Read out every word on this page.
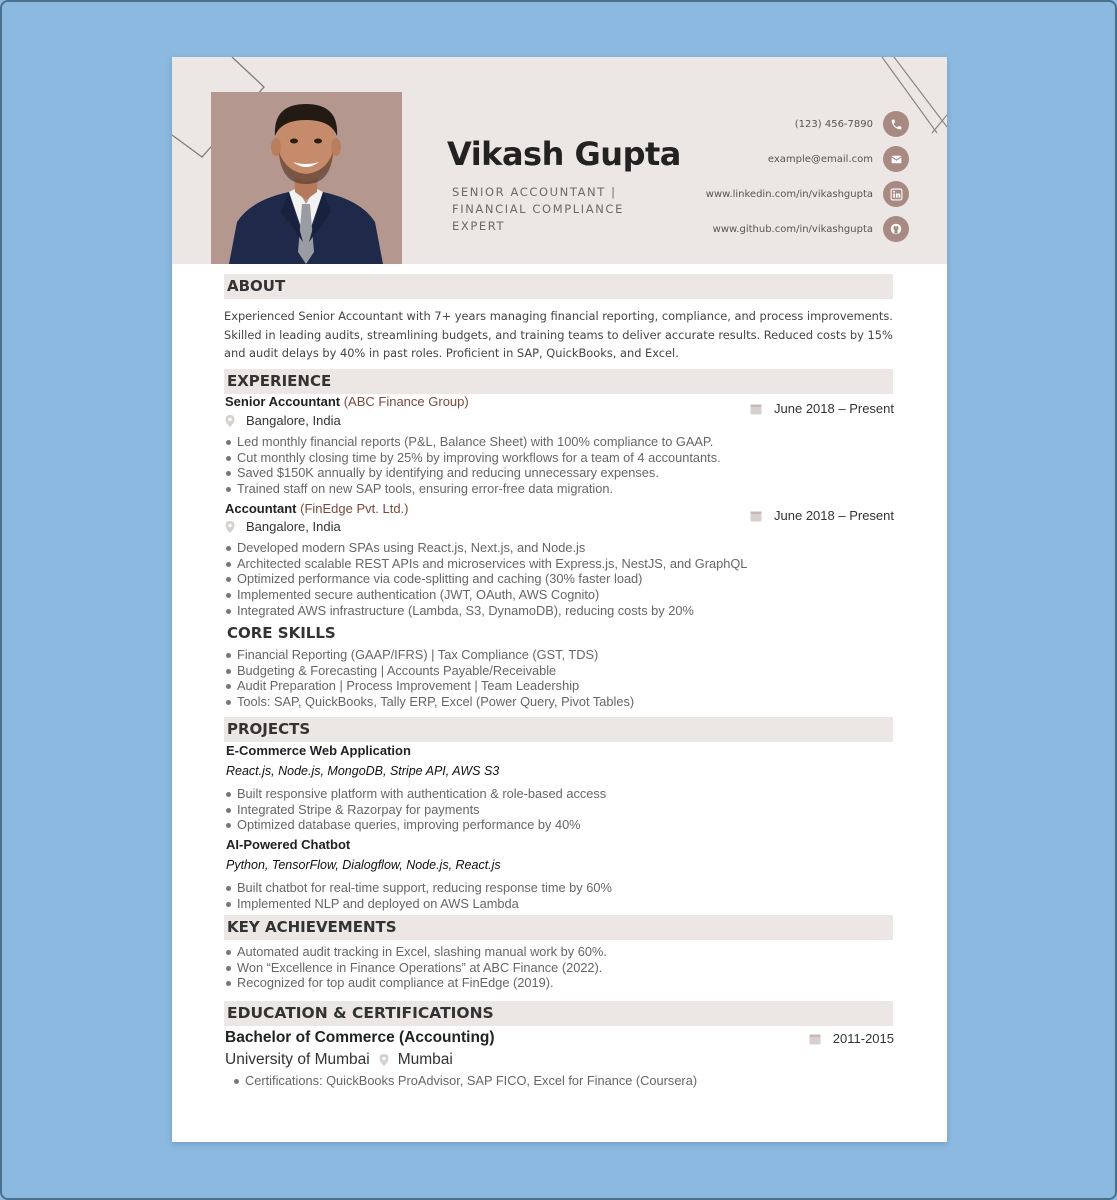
Vikash Gupta
SENIOR ACCOUNTANT |
FINANCIAL COMPLIANCE EXPERT
(123) 456-7890
example@email.com
www.linkedin.com/in/vikashgupta
www.github.com/in/vikashgupta
ABOUT
Experienced Senior Accountant with 7+ years managing financial reporting, compliance, and process improvements. Skilled in leading audits, streamlining budgets, and training teams to deliver accurate results. Reduced costs by 15% and audit delays by 40% in past roles. Proficient in SAP, QuickBooks, and Excel.
EXPERIENCE
Senior Accountant (ABC Finance Group)	June 2018 – Present
Bangalore, India
Led monthly financial reports (P&L, Balance Sheet) with 100% compliance to GAAP.
Cut monthly closing time by 25% by improving workflows for a team of 4 accountants.
Saved $150K annually by identifying and reducing unnecessary expenses.
Trained staff on new SAP tools, ensuring error-free data migration.
Accountant (FinEdge Pvt. Ltd.)	June 2018 – Present
Bangalore, India
Developed modern SPAs using React.js, Next.js, and Node.js
Architected scalable REST APIs and microservices with Express.js, NestJS, and GraphQL
Optimized performance via code-splitting and caching (30% faster load)
Implemented secure authentication (JWT, OAuth, AWS Cognito)
Integrated AWS infrastructure (Lambda, S3, DynamoDB), reducing costs by 20%
CORE SKILLS
Financial Reporting (GAAP/IFRS) | Tax Compliance (GST, TDS)
Budgeting & Forecasting | Accounts Payable/Receivable
Audit Preparation | Process Improvement | Team Leadership
Tools: SAP, QuickBooks, Tally ERP, Excel (Power Query, Pivot Tables)
PROJECTS
E-Commerce Web Application
React.js, Node.js, MongoDB, Stripe API, AWS S3
Built responsive platform with authentication & role-based access
Integrated Stripe & Razorpay for payments
Optimized database queries, improving performance by 40%
AI-Powered Chatbot
Python, TensorFlow, Dialogflow, Node.js, React.js
Built chatbot for real-time support, reducing response time by 60%
Implemented NLP and deployed on AWS Lambda
KEY ACHIEVEMENTS
Automated audit tracking in Excel, slashing manual work by 60%.
Won “Excellence in Finance Operations” at ABC Finance (2022).
Recognized for top audit compliance at FinEdge (2019).
EDUCATION & CERTIFICATIONS
Bachelor of Commerce (Accounting)	2011-2015
University of Mumbai Mumbai
Certifications: QuickBooks ProAdvisor, SAP FICO, Excel for Finance (Coursera)
